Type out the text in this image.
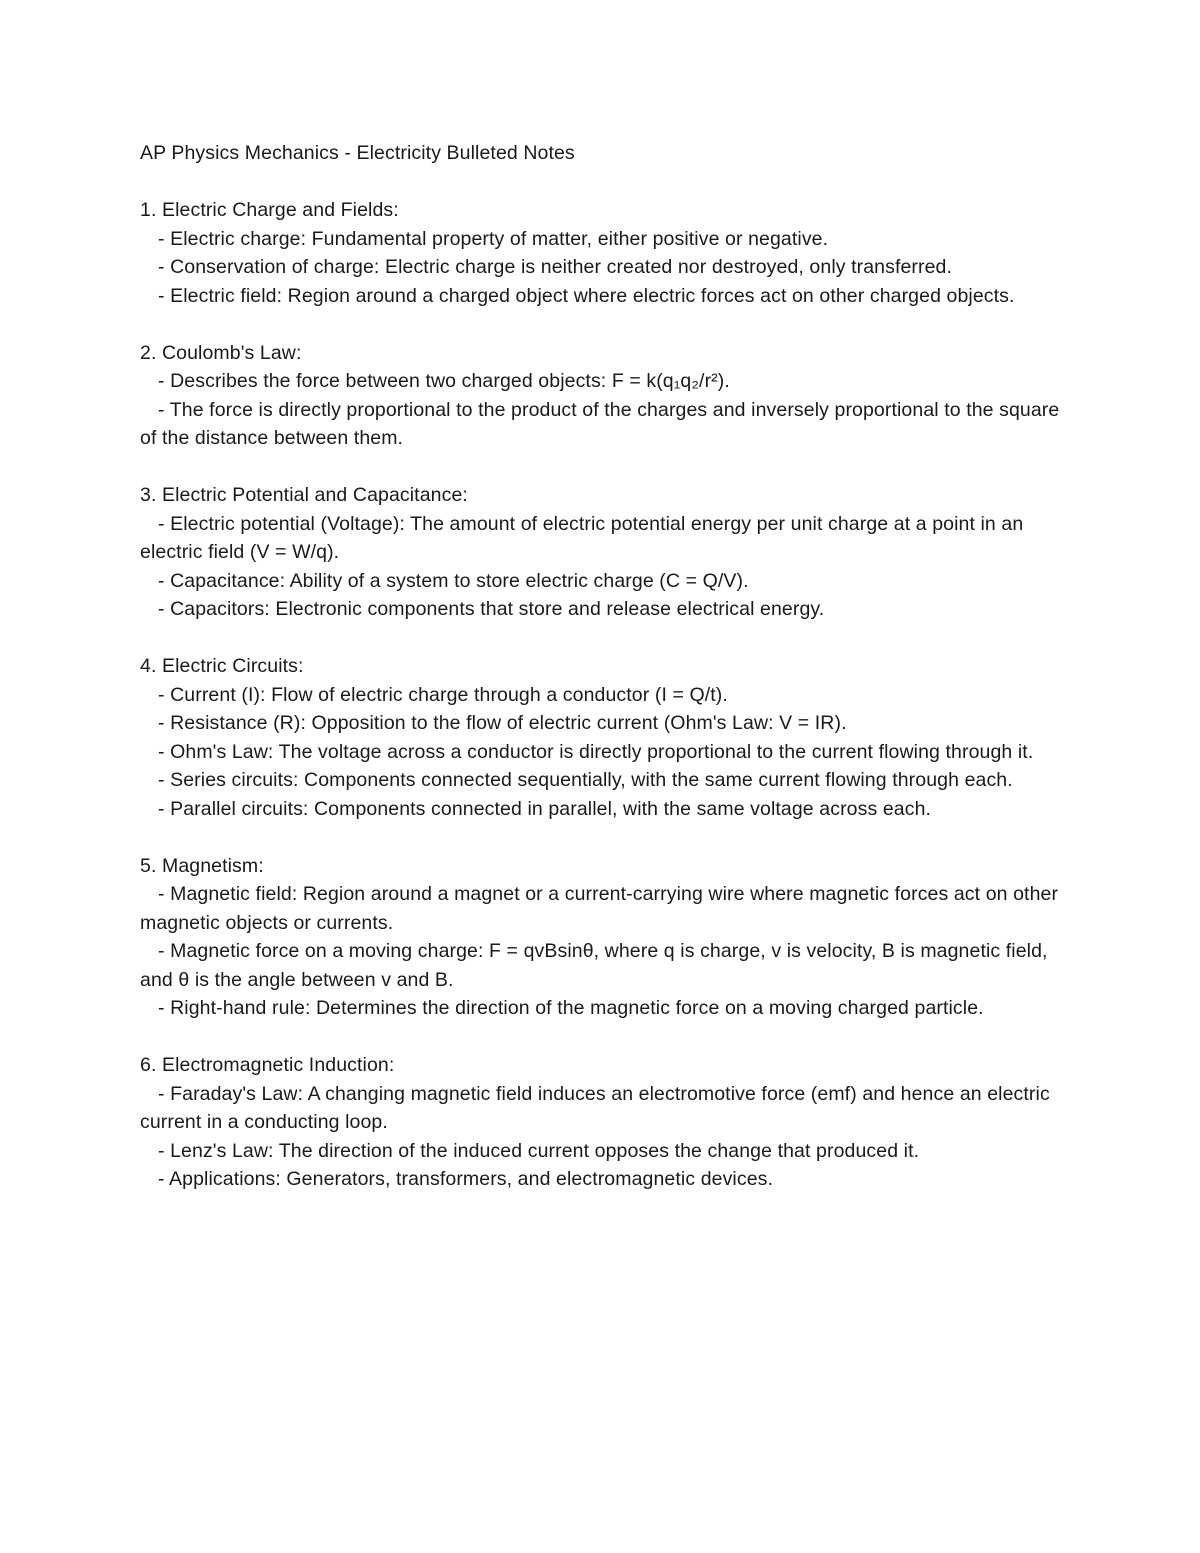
AP Physics Mechanics - Electricity Bulleted Notes
1. Electric Charge and Fields:
- Electric charge: Fundamental property of matter, either positive or negative.
- Conservation of charge: Electric charge is neither created nor destroyed, only transferred.
- Electric field: Region around a charged object where electric forces act on other charged objects.
2. Coulomb's Law:
- Describes the force between two charged objects: F = k(q₁q₂/r²).
- The force is directly proportional to the product of the charges and inversely proportional to the square of the distance between them.
3. Electric Potential and Capacitance:
- Electric potential (Voltage): The amount of electric potential energy per unit charge at a point in an electric field (V = W/q).
- Capacitance: Ability of a system to store electric charge (C = Q/V).
- Capacitors: Electronic components that store and release electrical energy.
4. Electric Circuits:
- Current (I): Flow of electric charge through a conductor (I = Q/t).
- Resistance (R): Opposition to the flow of electric current (Ohm's Law: V = IR).
- Ohm's Law: The voltage across a conductor is directly proportional to the current flowing through it.
- Series circuits: Components connected sequentially, with the same current flowing through each.
- Parallel circuits: Components connected in parallel, with the same voltage across each.
5. Magnetism:
- Magnetic field: Region around a magnet or a current-carrying wire where magnetic forces act on other magnetic objects or currents.
- Magnetic force on a moving charge: F = qvBsinθ, where q is charge, v is velocity, B is magnetic field, and θ is the angle between v and B.
- Right-hand rule: Determines the direction of the magnetic force on a moving charged particle.
6. Electromagnetic Induction:
- Faraday's Law: A changing magnetic field induces an electromotive force (emf) and hence an electric current in a conducting loop.
- Lenz's Law: The direction of the induced current opposes the change that produced it.
- Applications: Generators, transformers, and electromagnetic devices.
